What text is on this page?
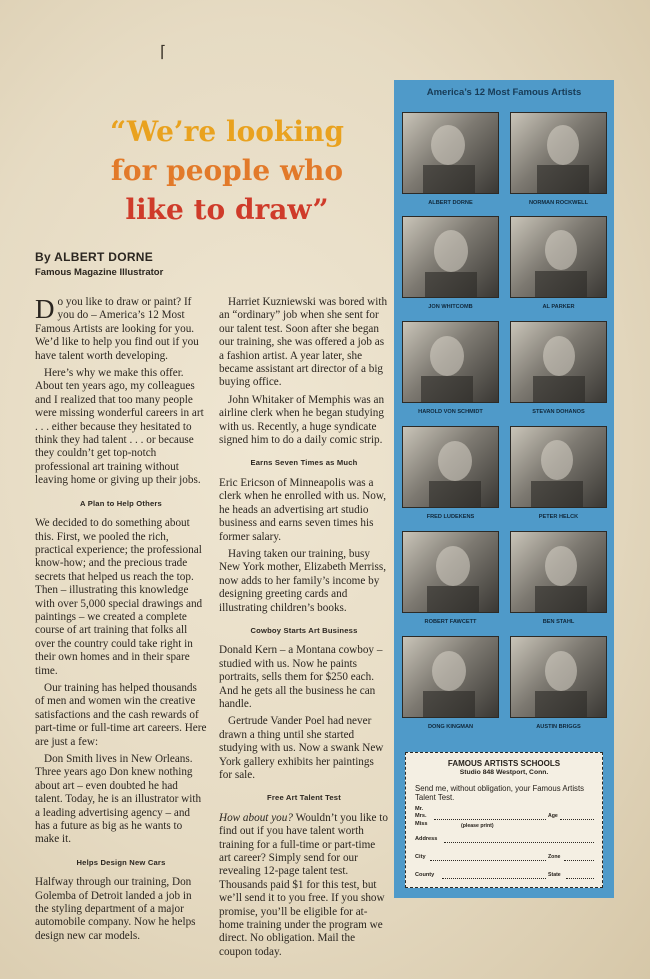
⌈
“We’re looking
for people who
like to draw”
By ALBERT DORNE
Famous Magazine Illustrator

Do you like to draw or paint? If you do – America’s 12 Most Famous Artists are looking for you. We’d like to help you find out if you have talent worth developing.

Here’s why we make this offer. About ten years ago, my colleagues and I realized that too many people were missing wonderful careers in art . . . either because they hesitated to think they had talent . . . or because they couldn’t get top-notch professional art training without leaving home or giving up their jobs.

A Plan to Help Others

We decided to do something about this. First, we pooled the rich, practical experience; the professional know-how; and the precious trade secrets that helped us reach the top. Then – illustrating this knowledge with over 5,000 special drawings and paintings – we created a complete course of art training that folks all over the country could take right in their own homes and in their spare time.

Our training has helped thousands of men and women win the creative satisfactions and the cash rewards of part-time or full-time art careers. Here are just a few:

Don Smith lives in New Orleans. Three years ago Don knew nothing about art – even doubted he had talent. Today, he is an illustrator with a leading advertising agency – and has a future as big as he wants to make it.

Helps Design New Cars

Halfway through our training, Don Golemba of Detroit landed a job in the styling department of a major automobile company. Now he helps design new car models.

Harriet Kuzniewski was bored with an “ordinary” job when she sent for our talent test. Soon after she began our training, she was offered a job as a fashion artist. A year later, she became assistant art director of a big buying office.

John Whitaker of Memphis was an airline clerk when he began studying with us. Recently, a huge syndicate signed him to do a daily comic strip.

Earns Seven Times as Much

Eric Ericson of Minneapolis was a clerk when he enrolled with us. Now, he heads an advertising art studio business and earns seven times his former salary.

Having taken our training, busy New York mother, Elizabeth Merriss, now adds to her family’s income by designing greeting cards and illustrating children’s books.

Cowboy Starts Art Business

Donald Kern – a Montana cowboy – studied with us. Now he paints portraits, sells them for $250 each. And he gets all the business he can handle.

Gertrude Vander Poel had never drawn a thing until she started studying with us. Now a swank New York gallery exhibits her paintings for sale.

Free Art Talent Test

How about you? Wouldn’t you like to find out if you have talent worth training for a full-time or part-time art career? Simply send for our revealing 12-page talent test. Thousands paid $1 for this test, but we’ll send it to you free. If you show promise, you’ll be eligible for at-home training under the program we direct. No obligation. Mail the coupon today.

America’s 12 Most Famous Artists
ALBERT DORNE	NORMAN ROCKWELL
JON WHITCOMB	AL PARKER
HAROLD VON SCHMIDT	STEVAN DOHANOS
FRED LUDEKENS	PETER HELCK
ROBERT FAWCETT	BEN STAHL
DONG KINGMAN	AUSTIN BRIGGS
FAMOUS ARTISTS SCHOOLS
Studio 848 Westport, Conn.
Send me, without obligation, your Famous Artists Talent Test.
Mr.
Mrs.	Age
Miss	(please print)
Address
City	Zone
County	State
